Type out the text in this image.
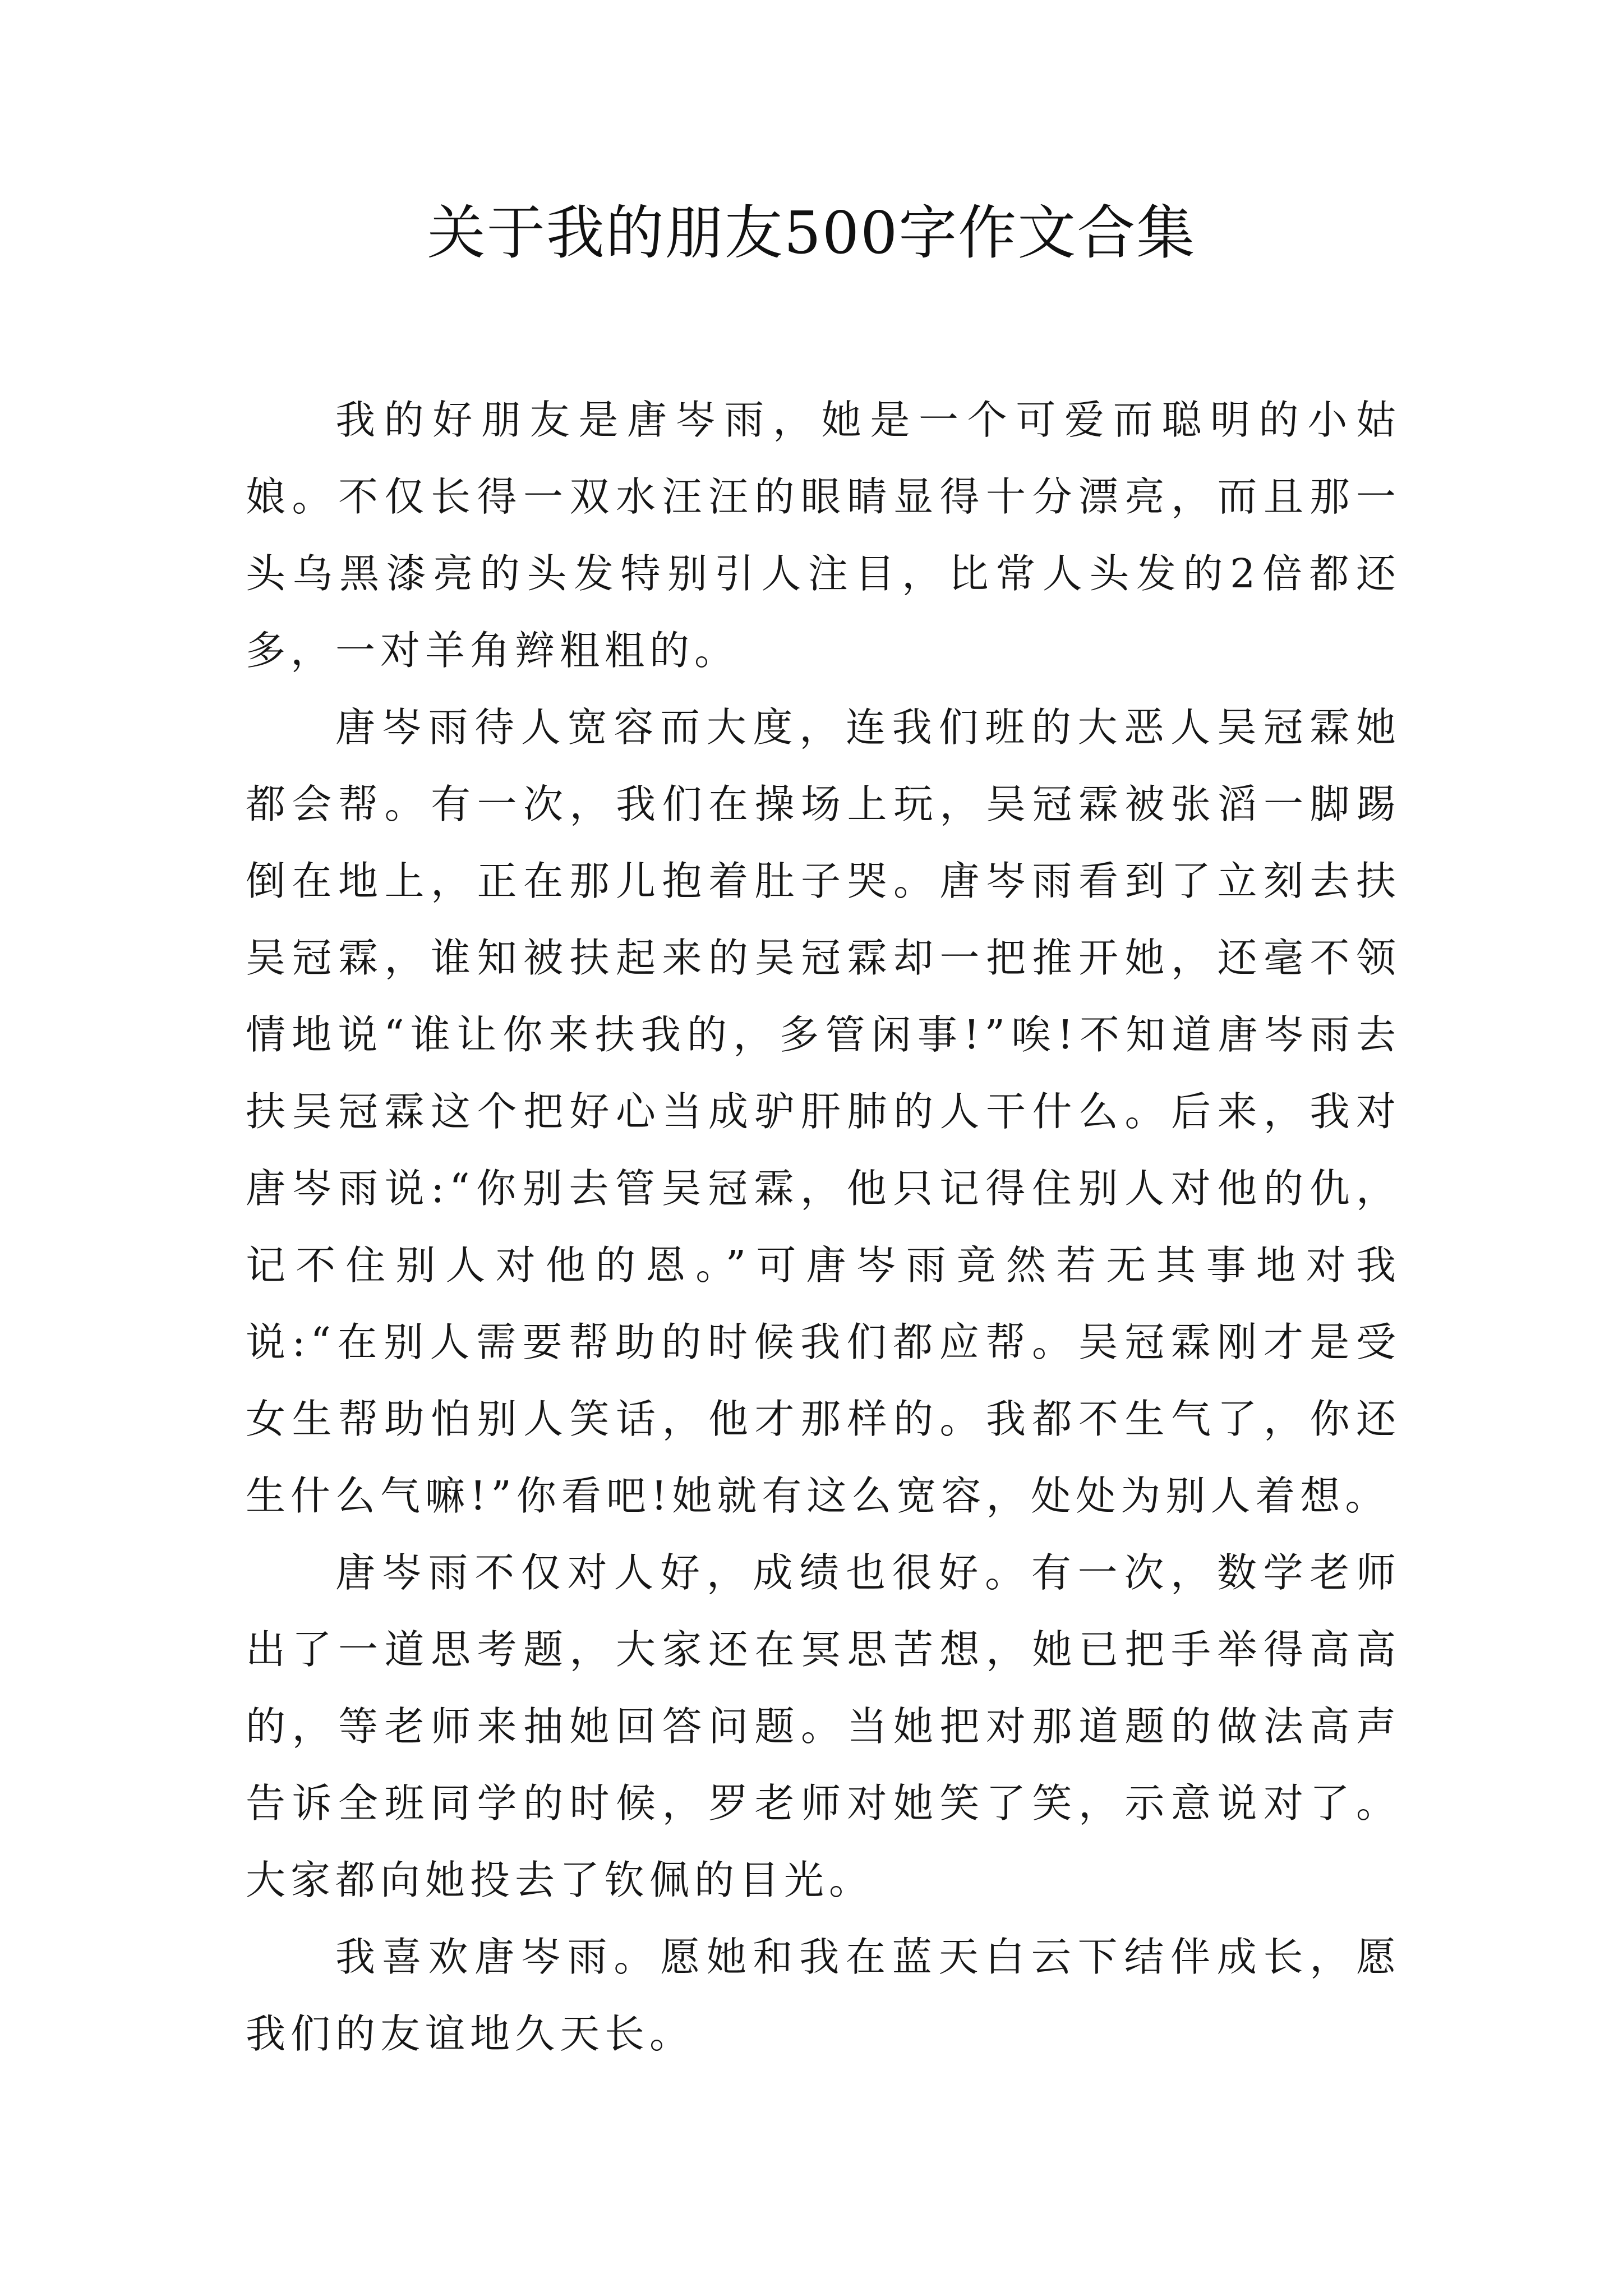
关于我的朋友500字作文合集

我的好朋友是唐岑雨，她是一个可爱而聪明的小姑娘。不仅长得一双水汪汪的眼睛显得十分漂亮，而且那一头乌黑漆亮的头发特别引人注目，比常人头发的2倍都还多，一对羊角辫粗粗的。

唐岑雨待人宽容而大度，连我们班的大恶人吴冠霖她都会帮。有一次，我们在操场上玩，吴冠霖被张滔一脚踢倒在地上，正在那儿抱着肚子哭。唐岑雨看到了立刻去扶吴冠霖，谁知被扶起来的吴冠霖却一把推开她，还毫不领情地说“谁让你来扶我的，多管闲事!”唉!不知道唐岑雨去扶吴冠霖这个把好心当成驴肝肺的人干什么。后来，我对唐岑雨说:“你别去管吴冠霖，他只记得住别人对他的仇，记不住别人对他的恩。”可唐岑雨竟然若无其事地对我说:“在别人需要帮助的时候我们都应帮。吴冠霖刚才是受女生帮助怕别人笑话，他才那样的。我都不生气了，你还生什么气嘛!”你看吧!她就有这么宽容，处处为别人着想。

唐岑雨不仅对人好，成绩也很好。有一次，数学老师出了一道思考题，大家还在冥思苦想，她已把手举得高高的，等老师来抽她回答问题。当她把对那道题的做法高声告诉全班同学的时候，罗老师对她笑了笑，示意说对了。大家都向她投去了钦佩的目光。

我喜欢唐岑雨。愿她和我在蓝天白云下结伴成长，愿我们的友谊地久天长。
